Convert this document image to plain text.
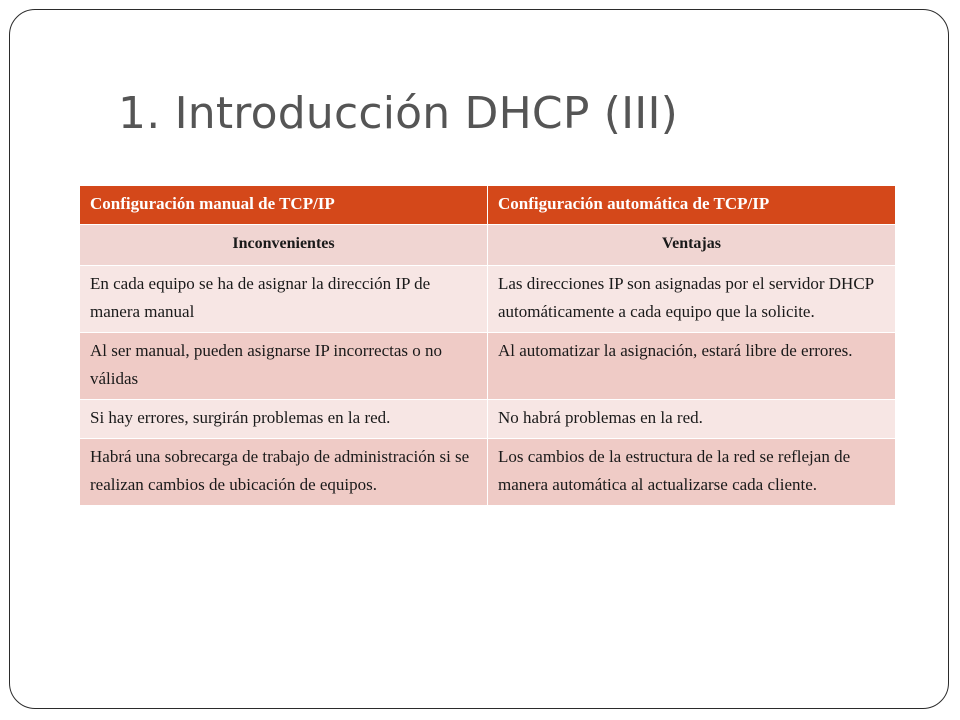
1. Introducción DHCP (III)
Configuración manual de TCP/IP	Configuración automática de TCP/IP
Inconvenientes	Ventajas
En cada equipo se ha de asignar la dirección IP de manera manual	Las direcciones IP son asignadas por el servidor DHCP automáticamente a cada equipo que la solicite.
Al ser manual, pueden asignarse IP incorrectas o no válidas	Al automatizar la asignación, estará libre de errores.
Si hay errores, surgirán problemas en la red.	No habrá problemas en la red.
Habrá una sobrecarga de trabajo de administración si se realizan cambios de ubicación de equipos.	Los cambios de la estructura de la red se reflejan de manera automática al actualizarse cada cliente.
